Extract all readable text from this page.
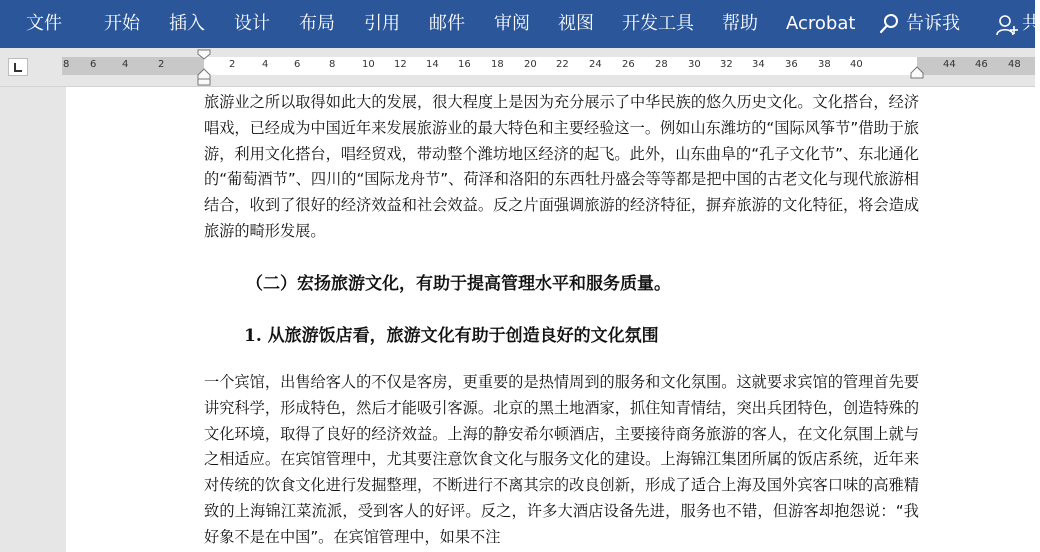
文件 开始 插入 设计 布局 引用 邮件 审阅 视图 开发工具 帮助 Acrobat	告诉我	共
8 6	4	2	2	4	6	8	10 12 14 16 18 20 22 24 26 28 30 32 34 36 38 40	44 46 48

旅游业之所以取得如此大的发展，很大程度上是因为充分展示了中华民族的悠久历史文化。文化搭台，经济唱戏，已经成为中国近年来发展旅游业的最大特色和主要经验这一。例如山东潍坊的“国际风筝节”借助于旅游，利用文化搭台，唱经贸戏，带动整个潍坊地区经济的起飞。此外，山东曲阜的“孔子文化节”、东北通化的“葡萄酒节”、四川的“国际龙舟节”、荷泽和洛阳的东西牡丹盛会等等都是把中国的古老文化与现代旅游相结合，收到了很好的经济效益和社会效益。反之片面强调旅游的经济特征，摒弃旅游的文化特征，将会造成旅游的畸形发展。

（二）宏扬旅游文化，有助于提高管理水平和服务质量。
1. 从旅游饭店看，旅游文化有助于创造良好的文化氛围

一个宾馆，出售给客人的不仅是客房，更重要的是热情周到的服务和文化氛围。这就要求宾馆的管理首先要讲究科学，形成特色，然后才能吸引客源。北京的黑土地酒家，抓住知青情结，突出兵团特色，创造特殊的文化环境，取得了良好的经济效益。上海的静安希尔顿酒店，主要接待商务旅游的客人，在文化氛围上就与之相适应。在宾馆管理中，尤其要注意饮食文化与服务文化的建设。上海锦江集团所属的饭店系统，近年来对传统的饮食文化进行发掘整理，不断进行不离其宗的改良创新，形成了适合上海及国外宾客口味的高雅精致的上海锦江菜流派，受到客人的好评。反之，许多大酒店设备先进，服务也不错，但游客却抱怨说：“我好象不是在中国”。在宾馆管理中，如果不注
